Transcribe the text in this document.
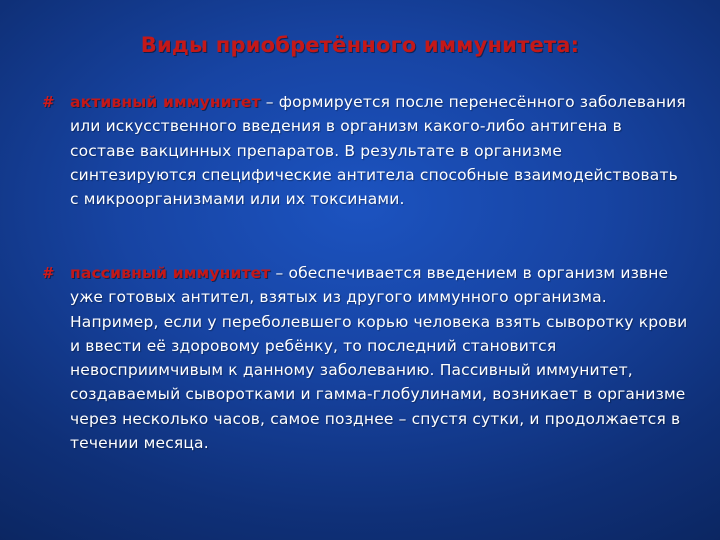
Виды приобретённого иммунитета:
# активный иммунитет – формируется после перенесённого заболевания или искусственного введения в организм какого-либо антигена в составе вакцинных препаратов. В результате в организме синтезируются специфические антитела способные взаимодействовать с микроорганизмами или их токсинами.
# пассивный иммунитет – обеспечивается введением в организм извне уже готовых антител, взятых из другого иммунного организма. Например, если у переболевшего корью человека взять сыворотку крови и ввести её здоровому ребёнку, то последний становится невосприимчивым к данному заболеванию. Пассивный иммунитет, создаваемый сыворотками и гамма-глобулинами, возникает в организме через несколько часов, самое позднее – спустя сутки, и продолжается в течении месяца.
